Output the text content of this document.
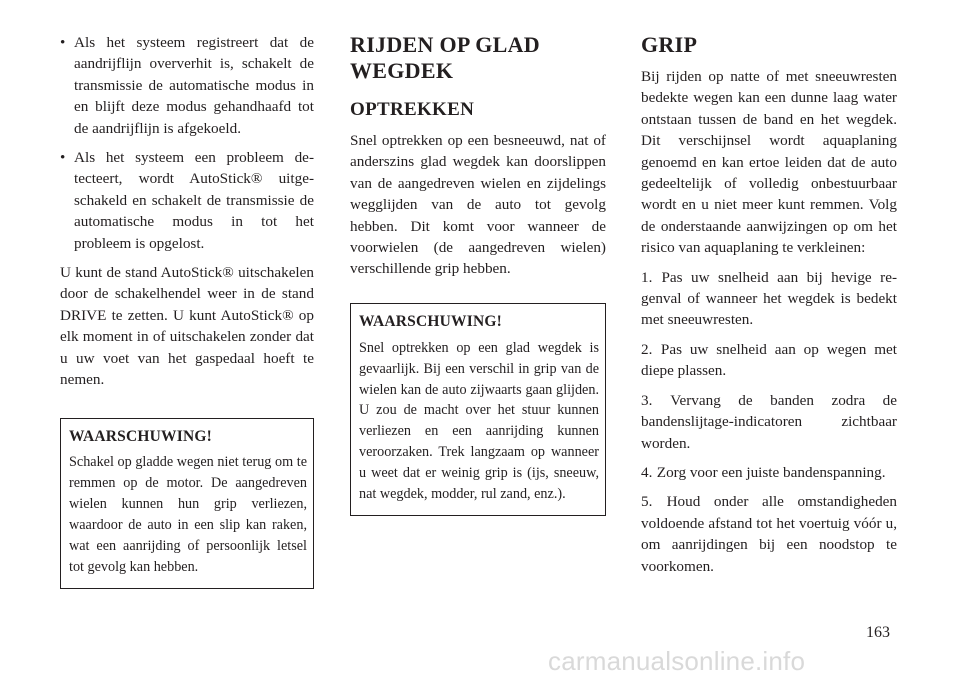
• Als het systeem registreert dat de aandrijflijn oververhit is, schakelt de transmissie de automatische modus in en blijft deze modus gehandhaafd tot de aandrijflijn is afgekoeld.
• Als het systeem een probleem detecteert, wordt AutoStick® uitgeschakeld en schakelt de transmissie de automatische modus in tot het probleem is opgelost.

U kunt de stand AutoStick® uitschakelen door de schakelhendel weer in de stand DRIVE te zetten. U kunt AutoStick® op elk moment in of uitschakelen zonder dat u uw voet van het gaspedaal hoeft te nemen.

WAARSCHUWING!

Schakel op gladde wegen niet terug om te remmen op de motor. De aangedreven wielen kunnen hun grip verliezen, waardoor de auto in een slip kan raken, wat een aanrijding of persoonlijk letsel tot gevolg kan hebben.

RIJDEN OP GLAD WEGDEK
OPTREKKEN

Snel optrekken op een besneeuwd, nat of anderszins glad wegdek kan doorslippen van de aangedreven wielen en zijdelings wegglijden van de auto tot gevolg hebben. Dit komt voor wanneer de voorwielen (de aangedreven wielen) verschillende grip hebben.

WAARSCHUWING!

Snel optrekken op een glad wegdek is gevaarlijk. Bij een verschil in grip van de wielen kan de auto zijwaarts gaan glijden. U zou de macht over het stuur kunnen verliezen en een aanrijding kunnen veroorzaken. Trek langzaam op wanneer u weet dat er weinig grip is (ijs, sneeuw, nat wegdek, modder, rul zand, enz.).

GRIP

Bij rijden op natte of met sneeuwresten bedekte wegen kan een dunne laag water ontstaan tussen de band en het wegdek. Dit verschijnsel wordt aquaplaning genoemd en kan ertoe leiden dat de auto gedeeltelijk of volledig onbestuurbaar wordt en u niet meer kunt remmen. Volg de onderstaande aanwijzingen op om het risico van aquaplaning te verkleinen:

1. Pas uw snelheid aan bij hevige regenval of wanneer het wegdek is bedekt met sneeuwresten.

2. Pas uw snelheid aan op wegen met diepe plassen.

3. Vervang de banden zodra de bandenslijtage-indicatoren zichtbaar worden.

4. Zorg voor een juiste bandenspanning.

5. Houd onder alle omstandigheden voldoende afstand tot het voertuig vóór u, om aanrijdingen bij een noodstop te voorkomen.

163
carmanualsonline.info
